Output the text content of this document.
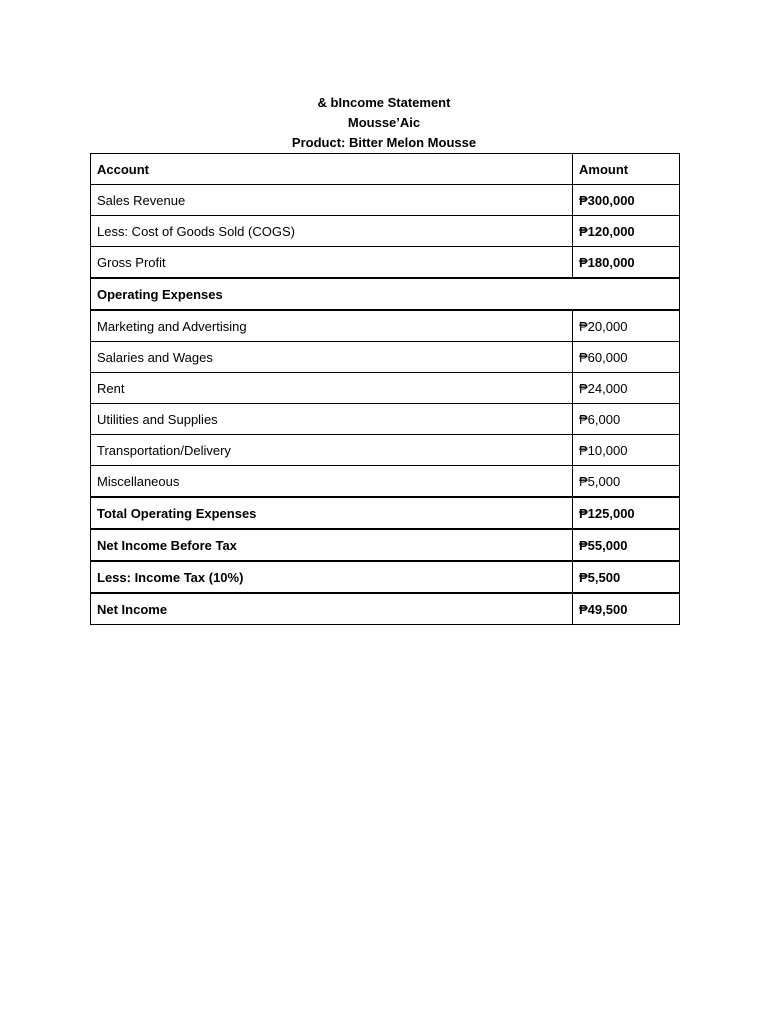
& bIncome Statement
Mousse’Aic
Product: Bitter Melon Mousse
Account	Amount
Sales Revenue	₱300,000
Less: Cost of Goods Sold (COGS)	₱120,000
Gross Profit	₱180,000
Operating Expenses	
Marketing and Advertising	₱20,000
Salaries and Wages	₱60,000
Rent	₱24,000
Utilities and Supplies	₱6,000
Transportation/Delivery	₱10,000
Miscellaneous	₱5,000
Total Operating Expenses	₱125,000
Net Income Before Tax	₱55,000
Less: Income Tax (10%)	₱5,500
Net Income	₱49,500
